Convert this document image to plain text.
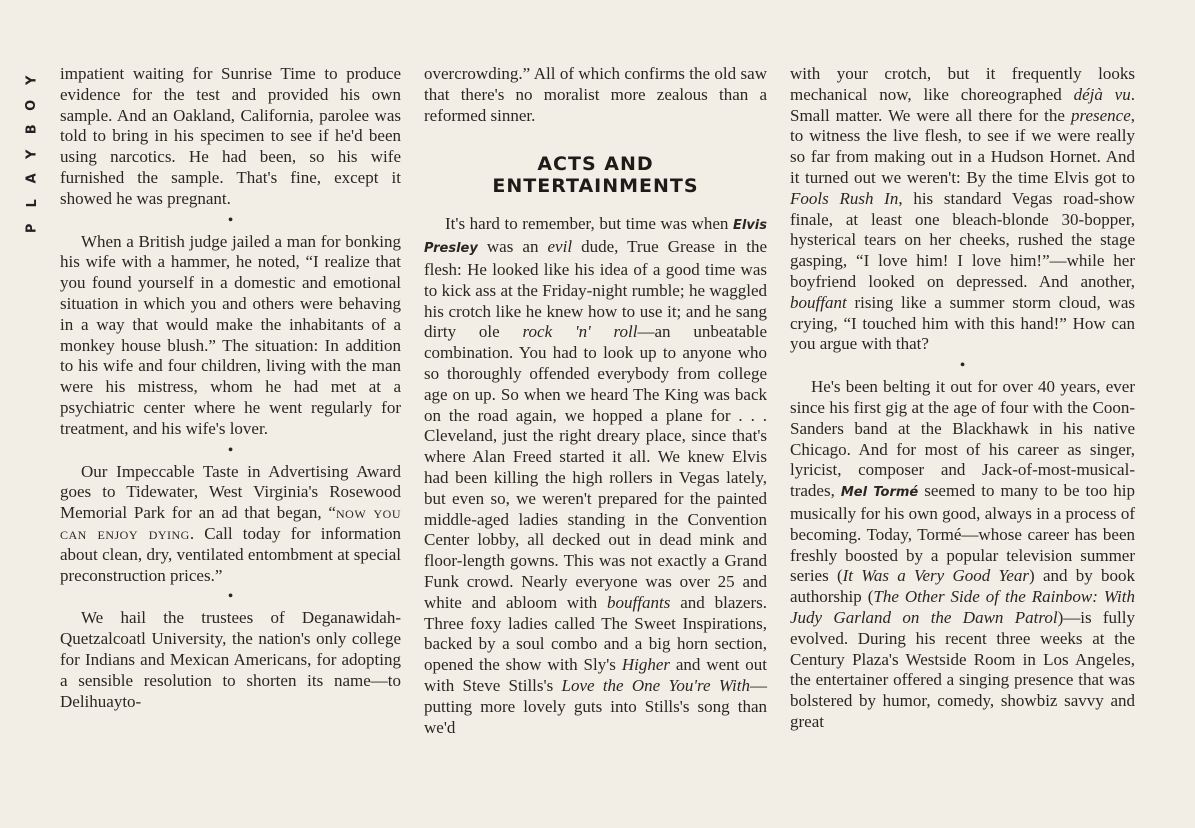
Y
O
B
Y
A
L
P

impatient waiting for Sunrise Time to produce evidence for the test and provided his own sample. And an Oakland, California, parolee was told to bring in his specimen to see if he'd been using narcotics. He had been, so his wife furnished the sample. That's fine, except it showed he was pregnant.

•

When a British judge jailed a man for bonking his wife with a hammer, he noted, “I realize that you found yourself in a domestic and emotional situation in which you and others were behaving in a way that would make the inhabitants of a monkey house blush.” The situation: In addition to his wife and four children, living with the man were his mistress, whom he had met at a psychiatric center where he went regularly for treatment, and his wife's lover.

•

Our Impeccable Taste in Advertising Award goes to Tidewater, West Virginia's Rosewood Memorial Park for an ad that began, “now you can enjoy dying. Call today for information about clean, dry, ventilated entombment at special preconstruction prices.”

•

We hail the trustees of Deganawidah-Quetzalcoatl University, the nation's only college for Indians and Mexican Americans, for adopting a sensible resolution to shorten its name—to Delihuayto-

overcrowding.” All of which confirms the old saw that there's no moralist more zealous than a reformed sinner.

ACTS AND
ENTERTAINMENTS

It's hard to remember, but time was when Elvis Presley was an evil dude, True Grease in the flesh: He looked like his idea of a good time was to kick ass at the Friday-night rumble; he waggled his crotch like he knew how to use it; and he sang dirty ole rock 'n' roll—an unbeatable combination. You had to look up to anyone who so thoroughly offended everybody from college age on up. So when we heard The King was back on the road again, we hopped a plane for . . . Cleveland, just the right dreary place, since that's where Alan Freed started it all. We knew Elvis had been killing the high rollers in Vegas lately, but even so, we weren't prepared for the painted middle-aged ladies standing in the Convention Center lobby, all decked out in dead mink and floor-length gowns. This was not exactly a Grand Funk crowd. Nearly everyone was over 25 and white and abloom with bouffants and blazers. Three foxy ladies called The Sweet Inspirations, backed by a soul combo and a big horn section, opened the show with Sly's Higher and went out with Steve Stills's Love the One You're With—putting more lovely guts into Stills's song than we'd

with your crotch, but it frequently looks mechanical now, like choreographed déjà vu. Small matter. We were all there for the presence, to witness the live flesh, to see if we were really so far from making out in a Hudson Hornet. And it turned out we weren't: By the time Elvis got to Fools Rush In, his standard Vegas road-show finale, at least one bleach-blonde 30-bopper, hysterical tears on her cheeks, rushed the stage gasping, “I love him! I love him!”—while her boyfriend looked on depressed. And another, bouffant rising like a summer storm cloud, was crying, “I touched him with this hand!” How can you argue with that?

•

He's been belting it out for over 40 years, ever since his first gig at the age of four with the Coon-Sanders band at the Blackhawk in his native Chicago. And for most of his career as singer, lyricist, composer and Jack-of-most-musical-trades, Mel Tormé seemed to many to be too hip musically for his own good, always in a process of becoming. Today, Tormé—whose career has been freshly boosted by a popular television summer series (It Was a Very Good Year) and by book authorship (The Other Side of the Rainbow: With Judy Garland on the Dawn Patrol)—is fully evolved. During his recent three weeks at the Century Plaza's Westside Room in Los Angeles, the entertainer offered a singing presence that was bolstered by humor, comedy, showbiz savvy and great
